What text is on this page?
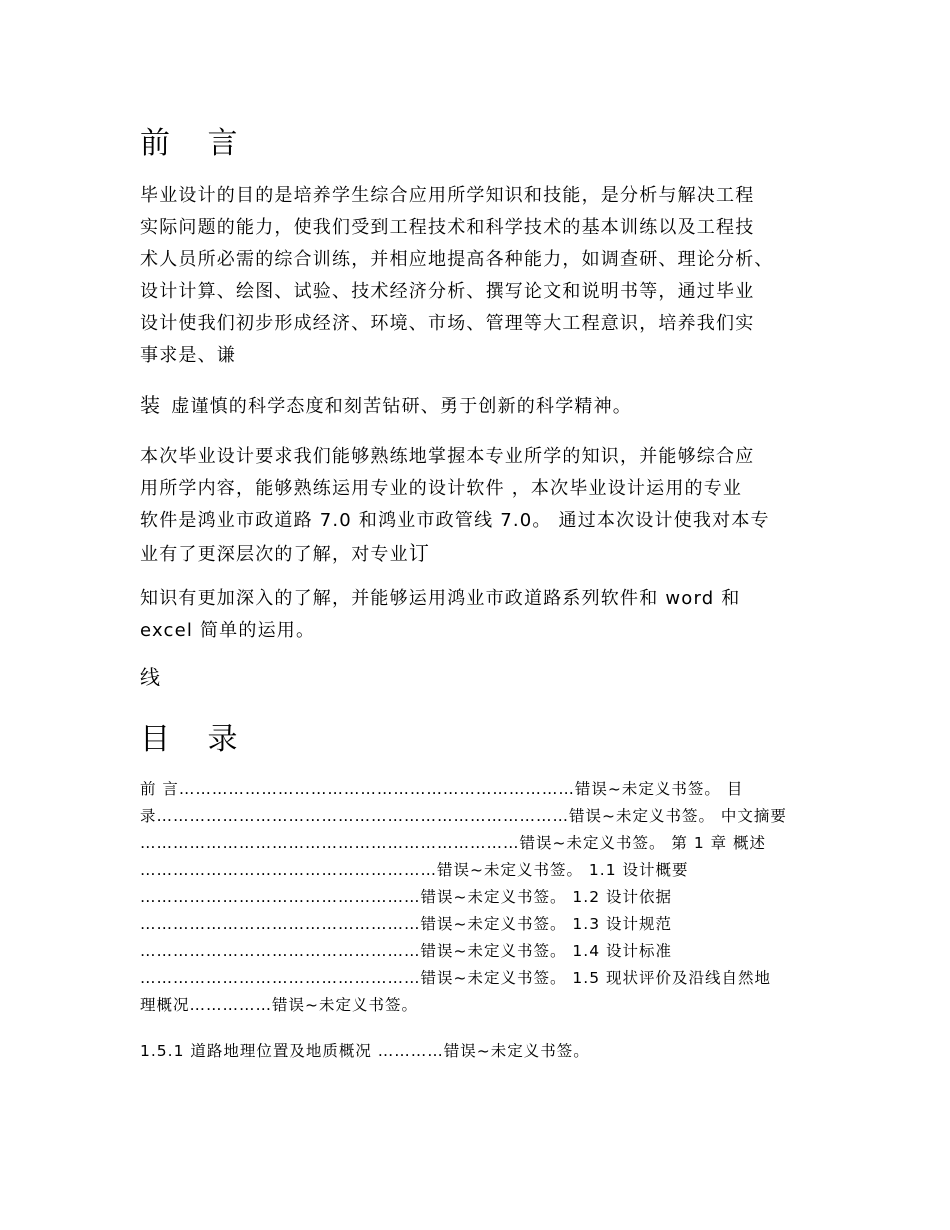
前 言

毕业设计的目的是培养学生综合应用所学知识和技能，是分析与解决工程
实际问题的能力，使我们受到工程技术和科学技术的基本训练以及工程技
术人员所必需的综合训练，并相应地提高各种能力，如调查研、理论分析、
设计计算、绘图、试验、技术经济分析、撰写论文和说明书等，通过毕业
设计使我们初步形成经济、环境、市场、管理等大工程意识，培养我们实
事求是、谦

装 虚谨慎的科学态度和刻苦钻研、勇于创新的科学精神。

本次毕业设计要求我们能够熟练地掌握本专业所学的知识，并能够综合应
用所学内容，能够熟练运用专业的设计软件 ，本次毕业设计运用的专业
软件是鸿业市政道路 7.0 和鸿业市政管线 7.0。 通过本次设计使我对本专
业有了更深层次的了解，对专业订

知识有更加深入的了解，并能够运用鸿业市政道路系列软件和 word 和
excel 简单的运用。

线

目 录
前 言………………………………………………………………错误~未定义书签。 目
录…………………………………………………………………错误~未定义书签。 中文摘要
……………………………………………………………错误~未定义书签。 第 1 章 概述
………………………………………………错误~未定义书签。 1.1 设计概要
……………………………………………错误~未定义书签。 1.2 设计依据
……………………………………………错误~未定义书签。 1.3 设计规范
……………………………………………错误~未定义书签。 1.4 设计标准
……………………………………………错误~未定义书签。 1.5 现状评价及沿线自然地
理概况……………错误~未定义书签。
1.5.1 道路地理位置及地质概况 …………错误~未定义书签。
